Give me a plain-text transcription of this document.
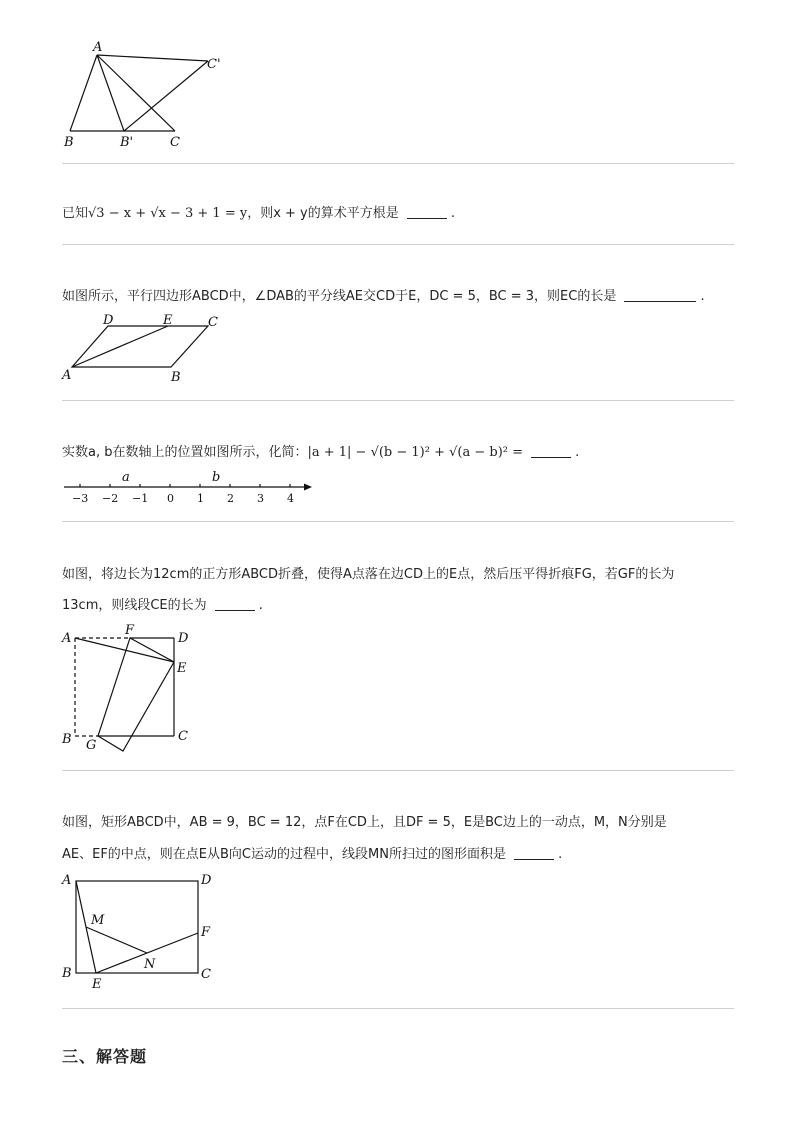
A
C'
B	B'	C
已知√3 − x + √x − 3 + 1 = y，则x + y的算术平方根是	.
如图所示，平行四边形ABCD中，∠DAB的平分线AE交CD于E，DC = 5，BC = 3，则EC的长是	.
D	E	C
A	B
实数a, b在数轴上的位置如图所示，化简：|a + 1| − √(b − 1)² + √(a − b)² =	.
−3 −2 −1 0 1 2 3 4
a	b
如图，将边长为12cm的正方形ABCD折叠，使得A点落在边CD上的E点，然后压平得折痕FG，若GF的长为
13cm，则线段CE的长为	.
A
F
D
E
B G
C
如图，矩形ABCD中，AB = 9，BC = 12，点F在CD上，且DF = 5，E是BC边上的一动点，M，N分别是
AE、EF的中点，则在点E从B向C运动的过程中，线段MN所扫过的图形面积是	.
A	D
M
F
N
B
E
C
三、解答题
